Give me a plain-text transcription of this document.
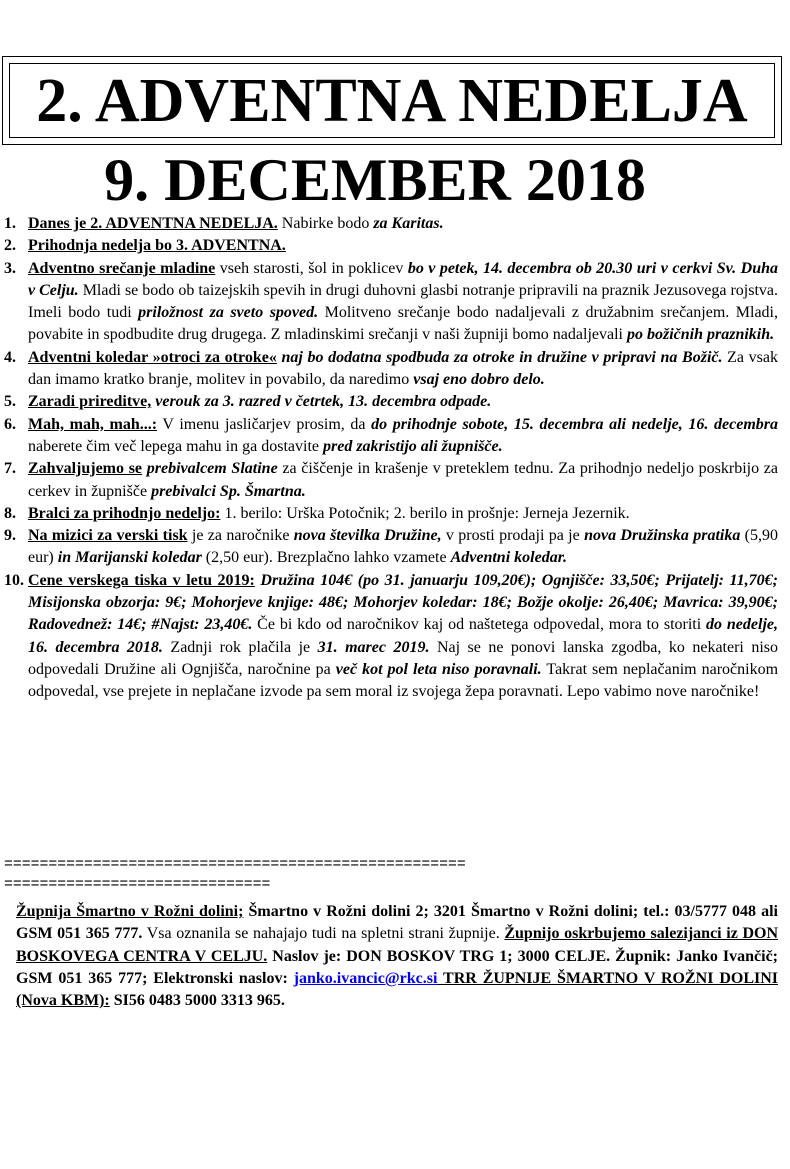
2. ADVENTNA NEDELJA
9. DECEMBER 2018
1. Danes je 2. ADVENTNA NEDELJA. Nabirke bodo za Karitas.
2. Prihodnja nedelja bo 3. ADVENTNA.
3. Adventno srečanje mladine vseh starosti, šol in poklicev bo v petek, 14. decembra ob 20.30 uri v cerkvi Sv. Duha v Celju. Mladi se bodo ob taizejskih spevih in drugi duhovni glasbi notranje pripravili na praznik Jezusovega rojstva. Imeli bodo tudi priložnost za sveto spoved. Molitveno srečanje bodo nadaljevali z družabnim srečanjem. Mladi, povabite in spodbudite drug drugega. Z mladinskimi srečanji v naši župniji bomo nadaljevali po božičnih praznikih.
4. Adventni koledar »otroci za otroke« naj bo dodatna spodbuda za otroke in družine v pripravi na Božič. Za vsak dan imamo kratko branje, molitev in povabilo, da naredimo vsaj eno dobro delo.
5. Zaradi prireditve, verouk za 3. razred v četrtek, 13. decembra odpade.
6. Mah, mah, mah...: V imenu jasličarjev prosim, da do prihodnje sobote, 15. decembra ali nedelje, 16. decembra naberete čim več lepega mahu in ga dostavite pred zakristijo ali župnišče.
7. Zahvaljujemo se prebivalcem Slatine za čiščenje in krašenje v preteklem tednu. Za prihodnjo nedeljo poskrbijo za cerkev in župnišče prebivalci Sp. Šmartna.
8. Bralci za prihodnjo nedeljo: 1. berilo: Urška Potočnik; 2. berilo in prošnje: Jerneja Jezernik.
9. Na mizici za verski tisk je za naročnike nova številka Družine, v prosti prodaji pa je nova Družinska pratika (5,90 eur) in Marijanski koledar (2,50 eur). Brezplačno lahko vzamete Adventni koledar.
10. Cene verskega tiska v letu 2019: Družina 104€ (po 31. januarju 109,20€); Ognjišče: 33,50€; Prijatelj: 11,70€; Misijonska obzorja: 9€; Mohorjeve knjige: 48€; Mohorjev koledar: 18€; Božje okolje: 26,40€; Mavrica: 39,90€; Radovednež: 14€; #Najst: 23,40€. Če bi kdo od naročnikov kaj od naštetega odpovedal, mora to storiti do nedelje, 16. decembra 2018. Zadnji rok plačila je 31. marec 2019. Naj se ne ponovi lanska zgodba, ko nekateri niso odpovedali Družine ali Ognjišča, naročnine pa več kot pol leta niso poravnali. Takrat sem neplačanim naročnikom odpovedal, vse prejete in neplačane izvode pa sem moral iz svojega žepa poravnati. Lepo vabimo nove naročnike!
====================================================
==============================
Župnija Šmartno v Rožni dolini; Šmartno v Rožni dolini 2; 3201 Šmartno v Rožni dolini; tel.: 03/5777 048 ali GSM 051 365 777. Vsa oznanila se nahajajo tudi na spletni strani župnije. Župnijo oskrbujemo salezijanci iz DON BOSKOVEGA CENTRA V CELJU. Naslov je: DON BOSKOV TRG 1; 3000 CELJE. Župnik: Janko Ivančič; GSM 051 365 777; Elektronski naslov: janko.ivancic@rkc.si TRR ŽUPNIJE ŠMARTNO V ROŽNI DOLINI (Nova KBM): SI56 0483 5000 3313 965.
